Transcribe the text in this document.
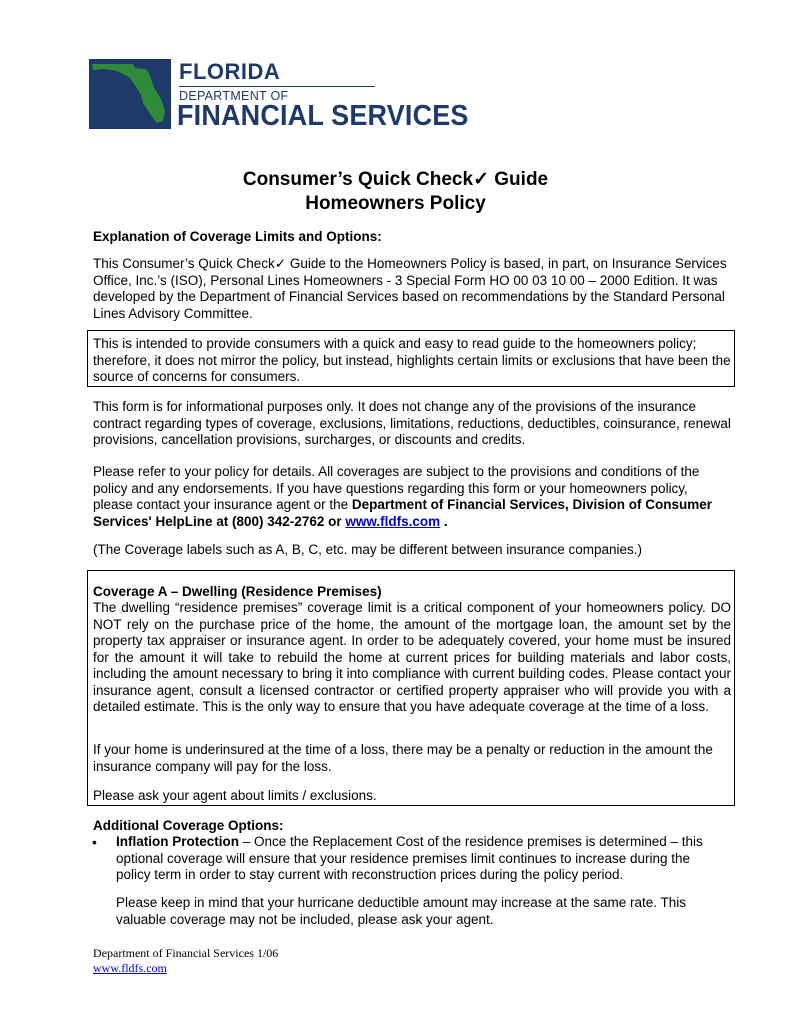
FLORIDA
DEPARTMENT OF
FINANCIAL SERVICES
Consumer’s Quick Check✓ Guide
Homeowners Policy
Explanation of Coverage Limits and Options:
This Consumer’s Quick Check✓ Guide to the Homeowners Policy is based, in part, on Insurance Services Office, Inc.’s (ISO), Personal Lines Homeowners - 3 Special Form HO 00 03 10 00 – 2000 Edition. It was developed by the Department of Financial Services based on recommendations by the Standard Personal Lines Advisory Committee.
This is intended to provide consumers with a quick and easy to read guide to the homeowners policy; therefore, it does not mirror the policy, but instead, highlights certain limits or exclusions that have been the source of concerns for consumers.
This form is for informational purposes only. It does not change any of the provisions of the insurance contract regarding types of coverage, exclusions, limitations, reductions, deductibles, coinsurance, renewal provisions, cancellation provisions, surcharges, or discounts and credits.
Please refer to your policy for details. All coverages are subject to the provisions and conditions of the policy and any endorsements. If you have questions regarding this form or your homeowners policy, please contact your insurance agent or the Department of Financial Services, Division of Consumer Services' HelpLine at (800) 342-2762 or www.fldfs.com .
(The Coverage labels such as A, B, C, etc. may be different between insurance companies.)
Coverage A – Dwelling (Residence Premises)
The dwelling “residence premises” coverage limit is a critical component of your homeowners policy. DO NOT rely on the purchase price of the home, the amount of the mortgage loan, the amount set by the property tax appraiser or insurance agent. In order to be adequately covered, your home must be insured for the amount it will take to rebuild the home at current prices for building materials and labor costs, including the amount necessary to bring it into compliance with current building codes. Please contact your insurance agent, consult a licensed contractor or certified property appraiser who will provide you with a detailed estimate. This is the only way to ensure that you have adequate coverage at the time of a loss.
If your home is underinsured at the time of a loss, there may be a penalty or reduction in the amount the insurance company will pay for the loss.
Please ask your agent about limits / exclusions.
Additional Coverage Options:
• Inflation Protection – Once the Replacement Cost of the residence premises is determined – this optional coverage will ensure that your residence premises limit continues to increase during the policy term in order to stay current with reconstruction prices during the policy period.
Please keep in mind that your hurricane deductible amount may increase at the same rate. This valuable coverage may not be included, please ask your agent.
Department of Financial Services 1/06
www.fldfs.com
